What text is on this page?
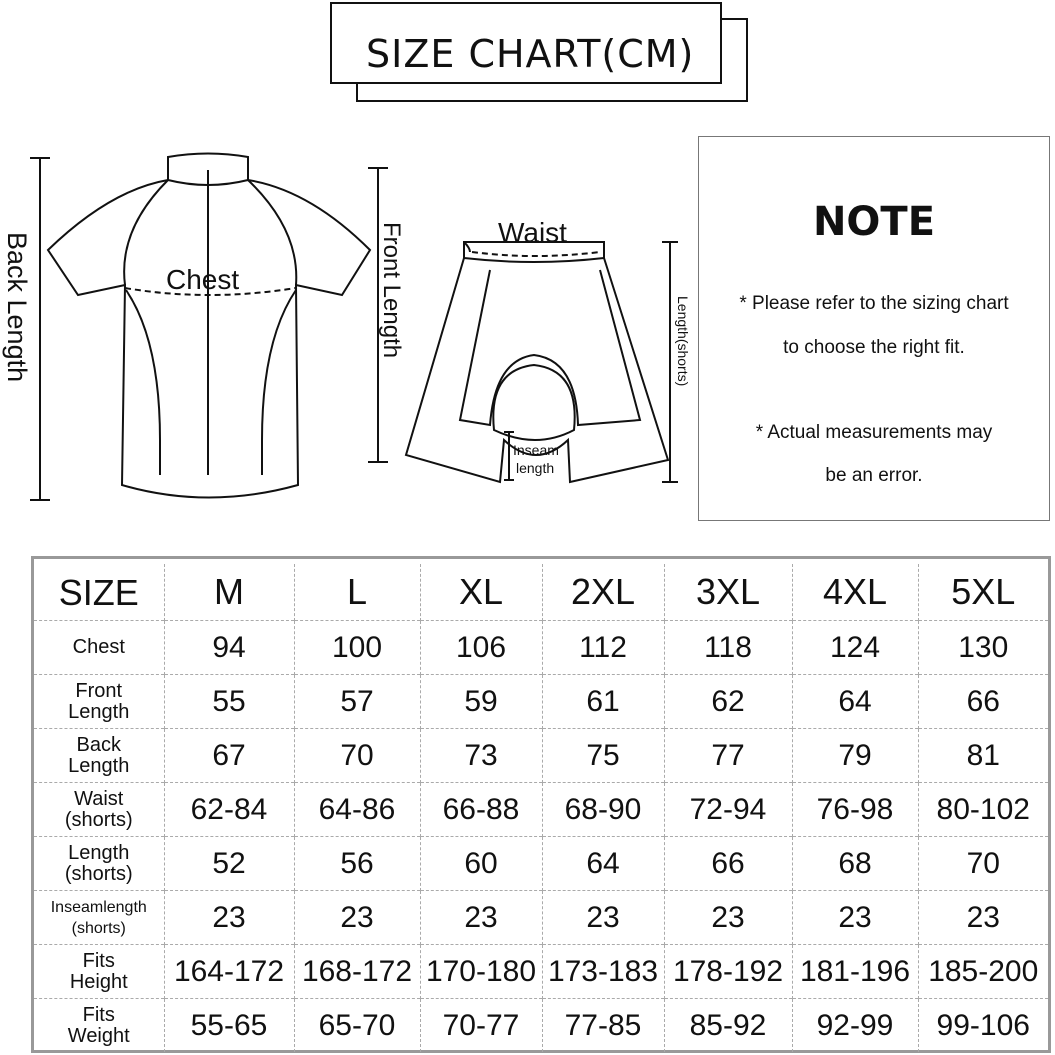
SIZE CHART(CM)
Back Length	Chest	Front Length	Waist
Length(shorts)
Inseam
length
NOTE
* Please refer to the sizing chart
to choose the right fit.
* Actual measurements may
be an error.
SIZE	M	L	XL	2XL	3XL	4XL	5XL

Chest	94	100	106	112	118	124	130

Front
Length	55	57	59	61	62	64	66

Back
Length	67	70	73	75	77	79	81

Waist
(shorts)	62-84	64-86	66-88	68-90	72-94	76-98	80-102

Length
(shorts)	52	56	60	64	66	68	70

Inseamlength
(shorts)	23	23	23	23	23	23	23

Fits
Height	164-172	168-172	170-180	173-183	178-192	181-196	185-200

Fits
Weight	55-65	65-70	70-77	77-85	85-92	92-99	99-106
